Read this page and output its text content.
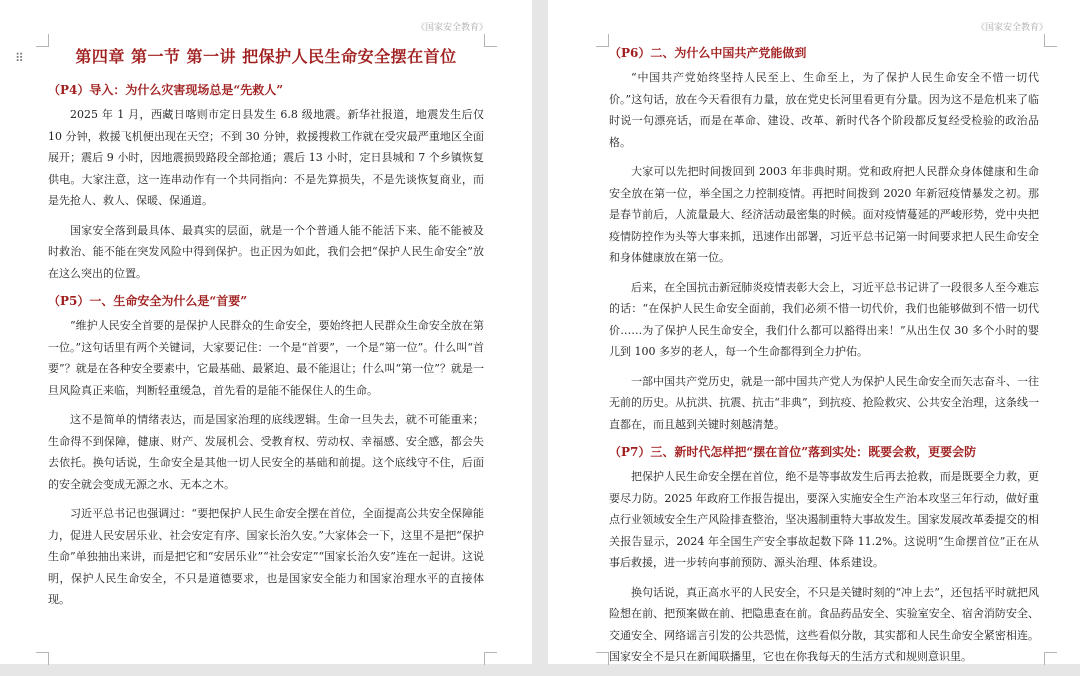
《国家安全教育》
⠿	第四章 第一节 第一讲 把保护人民生命安全摆在首位
（P4）导入：为什么灾害现场总是“先救人”

2025 年 1 月，西藏日喀则市定日县发生 6.8 级地震。新华社报道，地震发生后仅 10 分钟，救援飞机便出现在天空；不到 30 分钟，救援搜救工作就在受灾最严重地区全面展开；震后 9 小时，因地震损毁路段全部抢通；震后 13 小时，定日县城和 7 个乡镇恢复供电。大家注意，这一连串动作有一个共同指向：不是先算损失，不是先谈恢复商业，而是先抢人、救人、保暖、保通道。

国家安全落到最具体、最真实的层面，就是一个个普通人能不能活下来、能不能被及时救治、能不能在突发风险中得到保护。也正因为如此，我们会把“保护人民生命安全”放在这么突出的位置。

（P5）一、生命安全为什么是“首要”

“维护人民安全首要的是保护人民群众的生命安全，要始终把人民群众生命安全放在第一位。”这句话里有两个关键词，大家要记住：一个是“首要”，一个是“第一位”。什么叫“首要”？就是在各种安全要素中，它最基础、最紧迫、最不能退让；什么叫“第一位”？就是一旦风险真正来临，判断轻重缓急，首先看的是能不能保住人的生命。

这不是简单的情绪表达，而是国家治理的底线逻辑。生命一旦失去，就不可能重来；生命得不到保障，健康、财产、发展机会、受教育权、劳动权、幸福感、安全感，都会失去依托。换句话说，生命安全是其他一切人民安全的基础和前提。这个底线守不住，后面的安全就会变成无源之水、无本之木。

习近平总书记也强调过：“要把保护人民生命安全摆在首位，全面提高公共安全保障能力，促进人民安居乐业、社会安定有序、国家长治久安。”大家体会一下，这里不是把“保护生命”单独抽出来讲，而是把它和“安居乐业”“社会安定”“国家长治久安”连在一起讲。这说明，保护人民生命安全，不只是道德要求，也是国家安全能力和国家治理水平的直接体现。

《国家安全教育》
（P6）二、为什么中国共产党能做到

“中国共产党始终坚持人民至上、生命至上，为了保护人民生命安全不惜一切代价。”这句话，放在今天看很有力量，放在党史长河里看更有分量。因为这不是危机来了临时说一句漂亮话，而是在革命、建设、改革、新时代各个阶段都反复经受检验的政治品格。

大家可以先把时间拨回到 2003 年非典时期。党和政府把人民群众身体健康和生命安全放在第一位，举全国之力控制疫情。再把时间拨到 2020 年新冠疫情暴发之初。那是春节前后，人流量最大、经济活动最密集的时候。面对疫情蔓延的严峻形势，党中央把疫情防控作为头等大事来抓，迅速作出部署，习近平总书记第一时间要求把人民生命安全和身体健康放在第一位。

后来，在全国抗击新冠肺炎疫情表彰大会上，习近平总书记讲了一段很多人至今难忘的话：“在保护人民生命安全面前，我们必须不惜一切代价，我们也能够做到不惜一切代价……为了保护人民生命安全，我们什么都可以豁得出来！”从出生仅 30 多个小时的婴儿到 100 多岁的老人，每一个生命都得到全力护佑。

一部中国共产党历史，就是一部中国共产党人为保护人民生命安全而矢志奋斗、一往无前的历史。从抗洪、抗震、抗击“非典”，到抗疫、抢险救灾、公共安全治理，这条线一直都在，而且越到关键时刻越清楚。

（P7）三、新时代怎样把“摆在首位”落到实处：既要会救，更要会防

把保护人民生命安全摆在首位，绝不是等事故发生后再去抢救，而是既要全力救，更要尽力防。2025 年政府工作报告提出，要深入实施安全生产治本攻坚三年行动，做好重点行业领域安全生产风险排查整治，坚决遏制重特大事故发生。国家发展改革委提交的相关报告显示，2024 年全国生产安全事故起数下降 11.2%。这说明“生命摆首位”正在从事后救援，进一步转向事前预防、源头治理、体系建设。

换句话说，真正高水平的人民安全，不只是关键时刻的“冲上去”，还包括平时就把风险想在前、把预案做在前、把隐患查在前。食品药品安全、实验室安全、宿舍消防安全、交通安全、网络谣言引发的公共恐慌，这些看似分散，其实都和人民生命安全紧密相连。国家安全不是只在新闻联播里，它也在你我每天的生活方式和规则意识里。
